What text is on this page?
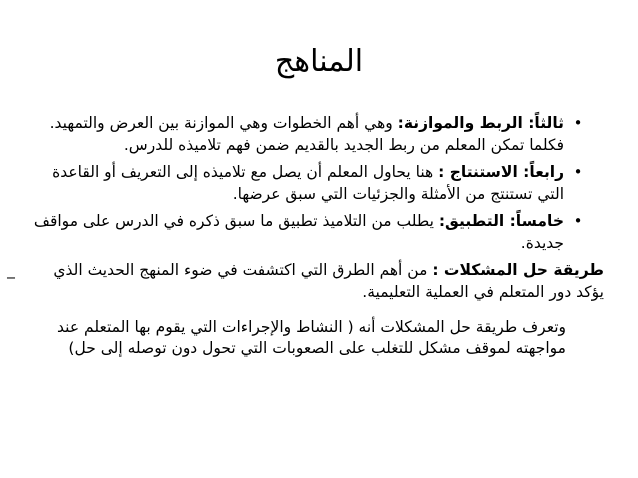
المناهج
•
ثالثاً: الربط والموازنة: وهي أهم الخطوات وهي الموازنة بين العرض والتمهيد. فكلما تمكن المعلم من ربط الجديد بالقديم ضمن فهم تلاميذه للدرس.
•
رابعاً: الاستنتاج : هنا يحاول المعلم أن يصل مع تلاميذه إلى التعريف أو القاعدة التي تستنتج من الأمثلة والجزئيات التي سبق عرضها.
•
خامساً: التطبيق: يطلب من التلاميذ تطبيق ما سبق ذكره في الدرس على مواقف جديدة.
_	طريقة حل المشكلات : من أهم الطرق التي اكتشفت في ضوء المنهج الحديث الذي يؤكد دور المتعلم في العملية التعليمية.
وتعرف طريقة حل المشكلات أنه ( النشاط والإجراءات التي يقوم بها المتعلم عند مواجهته لموقف مشكل للتغلب على الصعوبات التي تحول دون توصله إلى حل)
